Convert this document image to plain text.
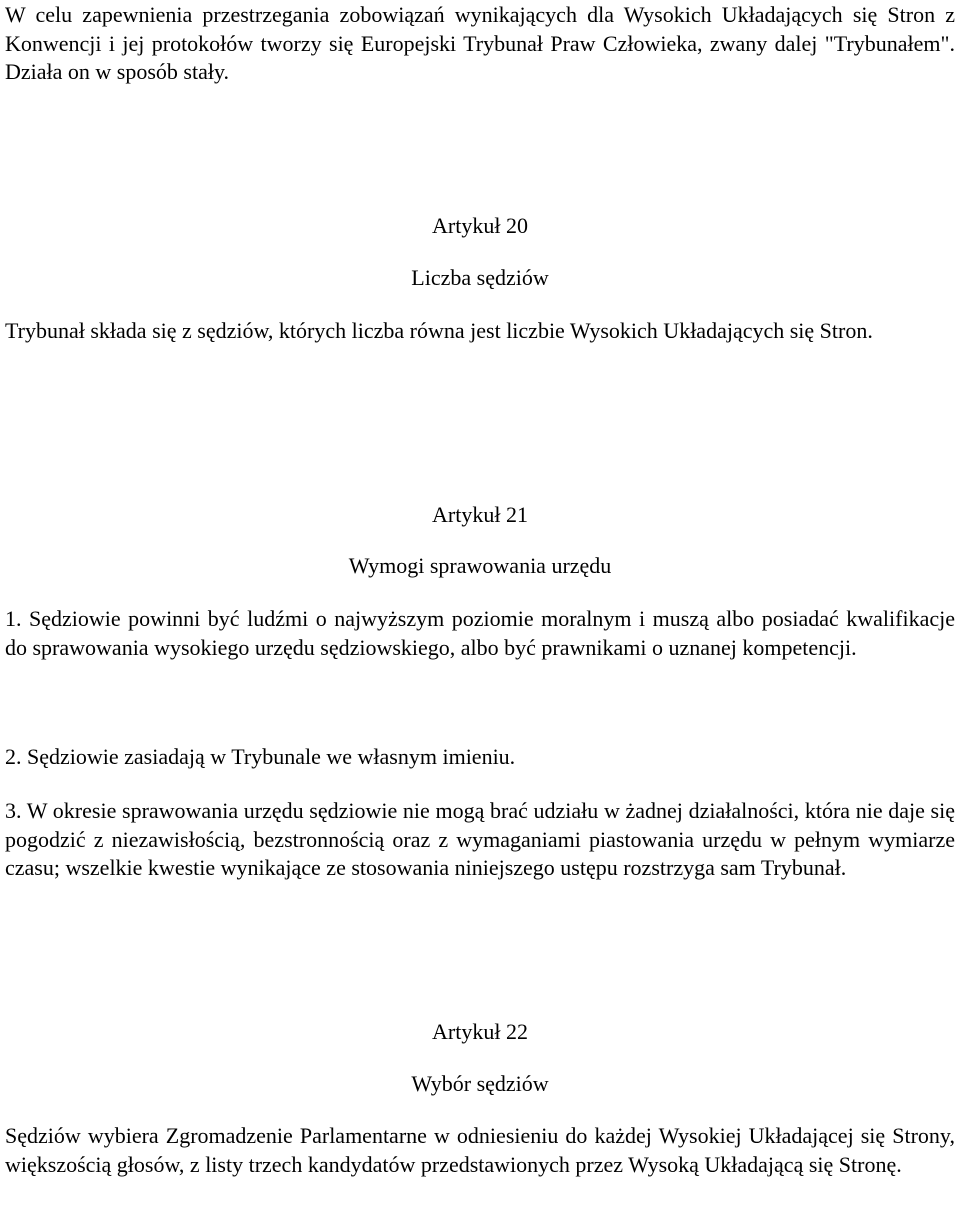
W celu zapewnienia przestrzegania zobowiązań wynikających dla Wysokich Układających się Stron z Konwencji i jej protokołów tworzy się Europejski Trybunał Praw Człowieka, zwany dalej "Trybunałem". Działa on w sposób stały.

Artykuł 20
Liczba sędziów

Trybunał składa się z sędziów, których liczba równa jest liczbie Wysokich Układających się Stron.

Artykuł 21
Wymogi sprawowania urzędu

1. Sędziowie powinni być ludźmi o najwyższym poziomie moralnym i muszą albo posiadać kwalifikacje do sprawowania wysokiego urzędu sędziowskiego, albo być prawnikami o uznanej kompetencji.

2. Sędziowie zasiadają w Trybunale we własnym imieniu.

3. W okresie sprawowania urzędu sędziowie nie mogą brać udziału w żadnej działalności, która nie daje się pogodzić z niezawisłością, bezstronnością oraz z wymaganiami piastowania urzędu w pełnym wymiarze czasu; wszelkie kwestie wynikające ze stosowania niniejszego ustępu rozstrzyga sam Trybunał.

Artykuł 22
Wybór sędziów

Sędziów wybiera Zgromadzenie Parlamentarne w odniesieniu do każdej Wysokiej Układającej się Strony, większością głosów, z listy trzech kandydatów przedstawionych przez Wysoką Układającą się Stronę.
